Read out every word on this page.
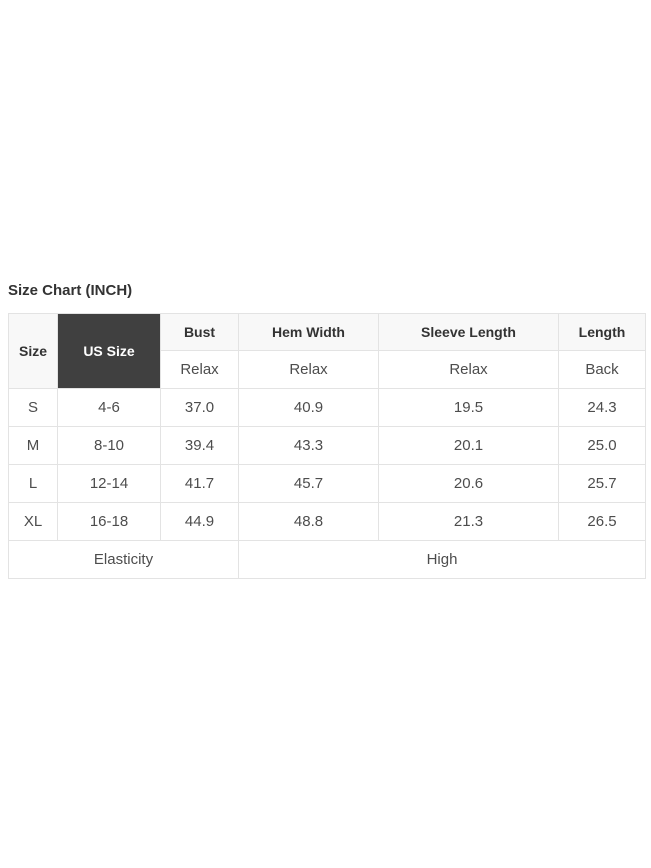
Size Chart (INCH)
Size	US Size	Bust	Hem Width	Sleeve Length	Length
		Relax	Relax	Relax	Back
S	4-6	37.0	40.9	19.5	24.3
M	8-10	39.4	43.3	20.1	25.0
L	12-14	41.7	45.7	20.6	25.7
XL	16-18	44.9	48.8	21.3	26.5
Elasticity			High		
